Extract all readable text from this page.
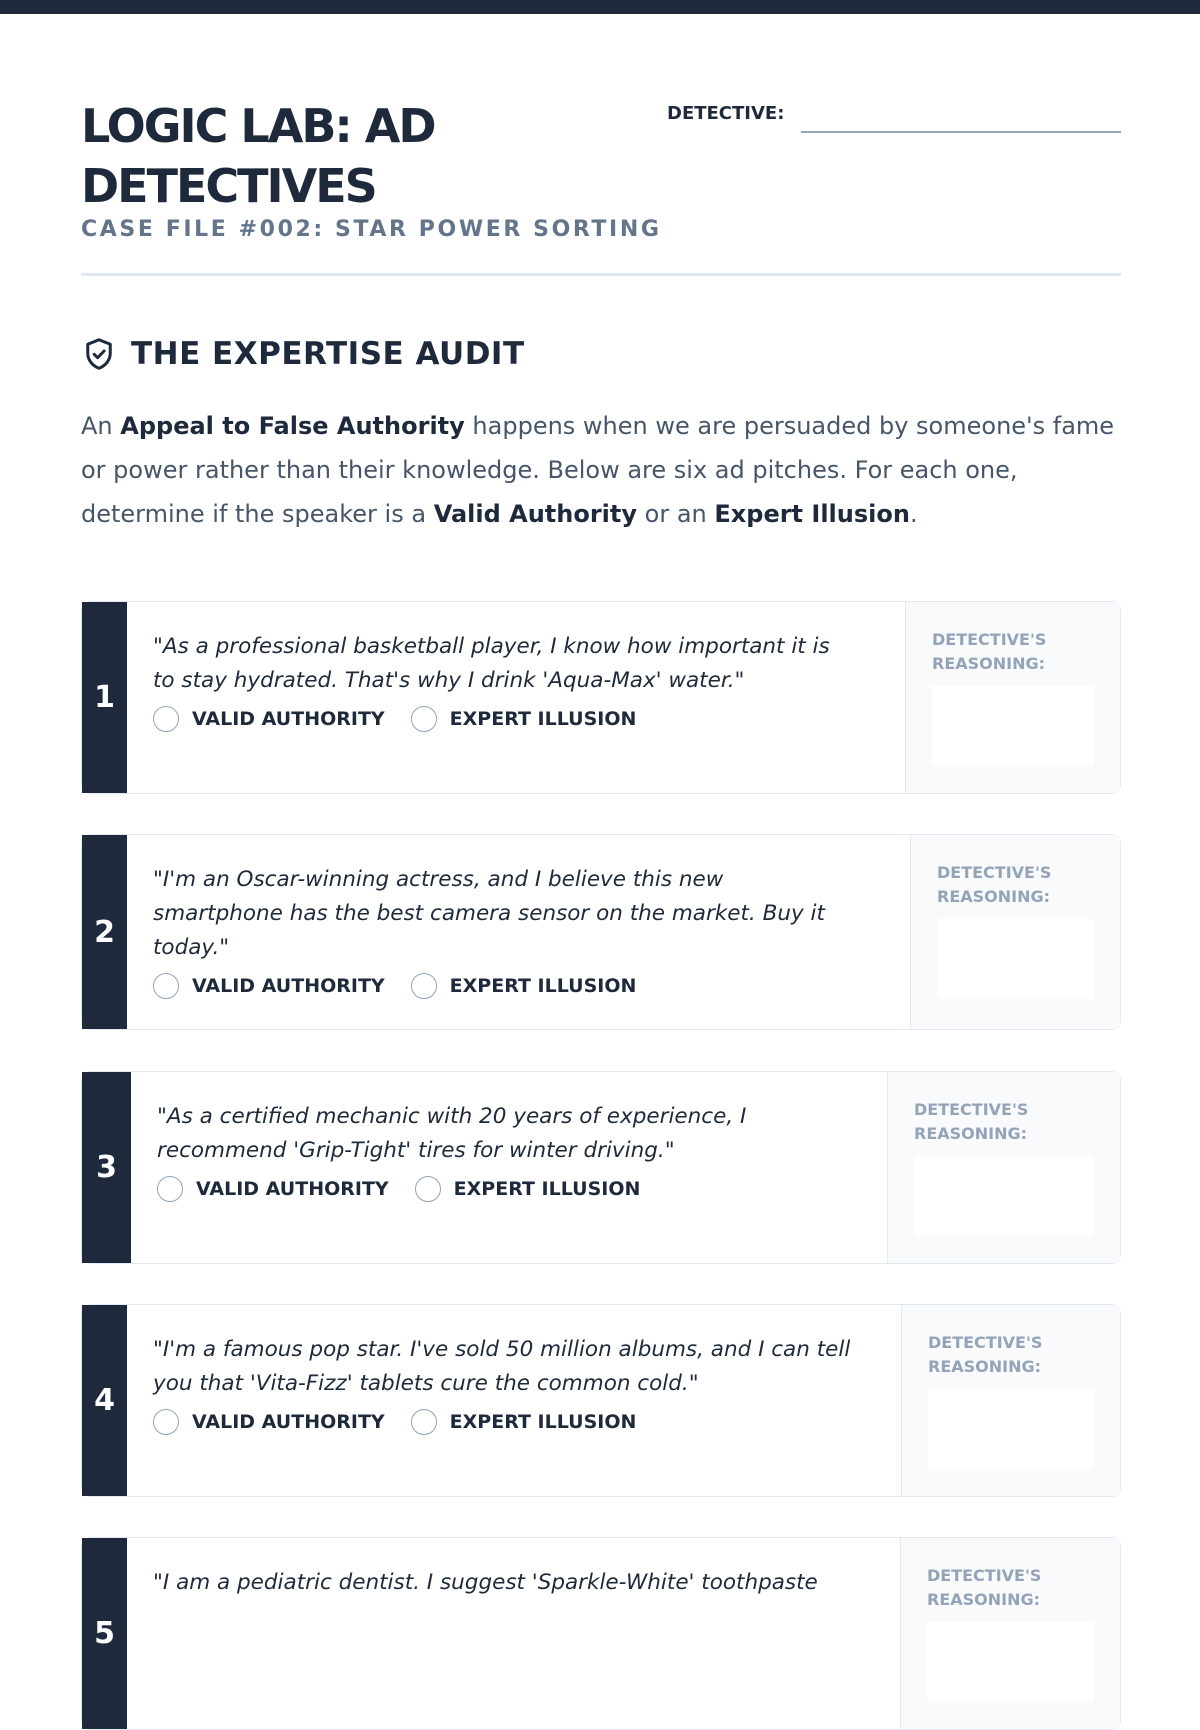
LOGIC LAB: AD DETECTIVES
CASE FILE #002: STAR POWER SORTING
DETECTIVE:
THE EXPERTISE AUDIT

An Appeal to False Authority happens when we are persuaded by someone's fame or power rather than their knowledge. Below are six ad pitches. For each one, determine if the speaker is a Valid Authority or an Expert Illusion.

1

"As a professional basketball player, I know how important it is to stay hydrated. That's why I drink 'Aqua-Max' water."

VALID AUTHORITY	EXPERT ILLUSION
DETECTIVE'S REASONING:
2

"I'm an Oscar-winning actress, and I believe this new smartphone has the best camera sensor on the market. Buy it today."

VALID AUTHORITY	EXPERT ILLUSION
DETECTIVE'S REASONING:
3

"As a certified mechanic with 20 years of experience, I recommend 'Grip-Tight' tires for winter driving."

VALID AUTHORITY	EXPERT ILLUSION
DETECTIVE'S REASONING:
4

"I'm a famous pop star. I've sold 50 million albums, and I can tell you that 'Vita-Fizz' tablets cure the common cold."

VALID AUTHORITY	EXPERT ILLUSION
DETECTIVE'S REASONING:
5

"I am a pediatric dentist. I suggest 'Sparkle-White' toothpaste	DETECTIVE'S REASONING:
